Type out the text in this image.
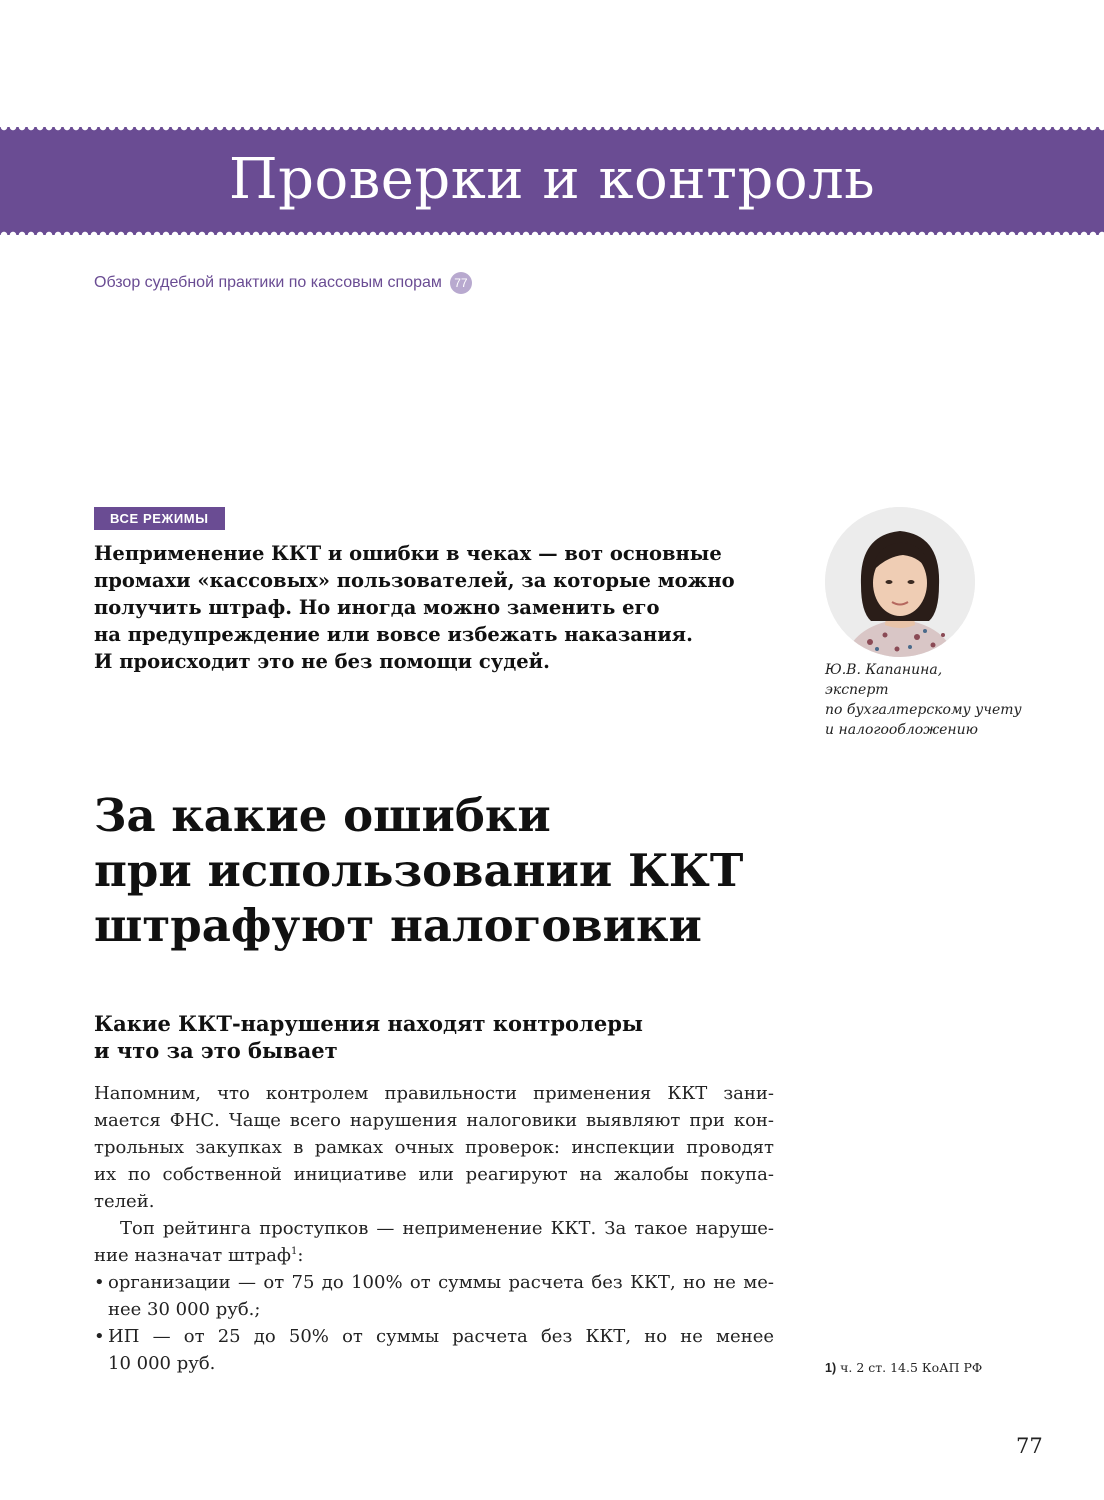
Проверки и контроль
Обзор судебной практики по кассовым спорам	77
ВСЕ РЕЖИМЫ
Неприменение ККТ и ошибки в чеках — вот основные
промахи «кассовых» пользователей, за которые можно
получить штраф. Но иногда можно заменить его
на предупреждение или вовсе избежать наказания.
И происходит это не без помощи судей.	Ю.В. Капанина,
эксперт
по бухгалтерскому учету
и налогообложению
За какие ошибки
при использовании ККТ
штрафуют налоговики
Какие ККТ-нарушения находят контролеры
и что за это бывает
Напомним, что контролем правильности применения ККТ зани-
мается ФНС. Чаще всего нарушения налоговики выявляют при кон-
трольных закупках в рамках очных проверок: инспекции проводят
их по собственной инициативе или реагируют на жалобы покупа-
телей.
Топ рейтинга проступков — неприменение ККТ. За такое наруше-
ние назначат штраф$^1$:
• организации — от 75 до 100% от суммы расчета без ККТ, но не ме-
нее 30 000 руб.;
• ИП — от 25 до 50% от суммы расчета без ККТ, но не менее
10 000 руб.	1) ч. 2 ст. 14.5 КоАП РФ
77
